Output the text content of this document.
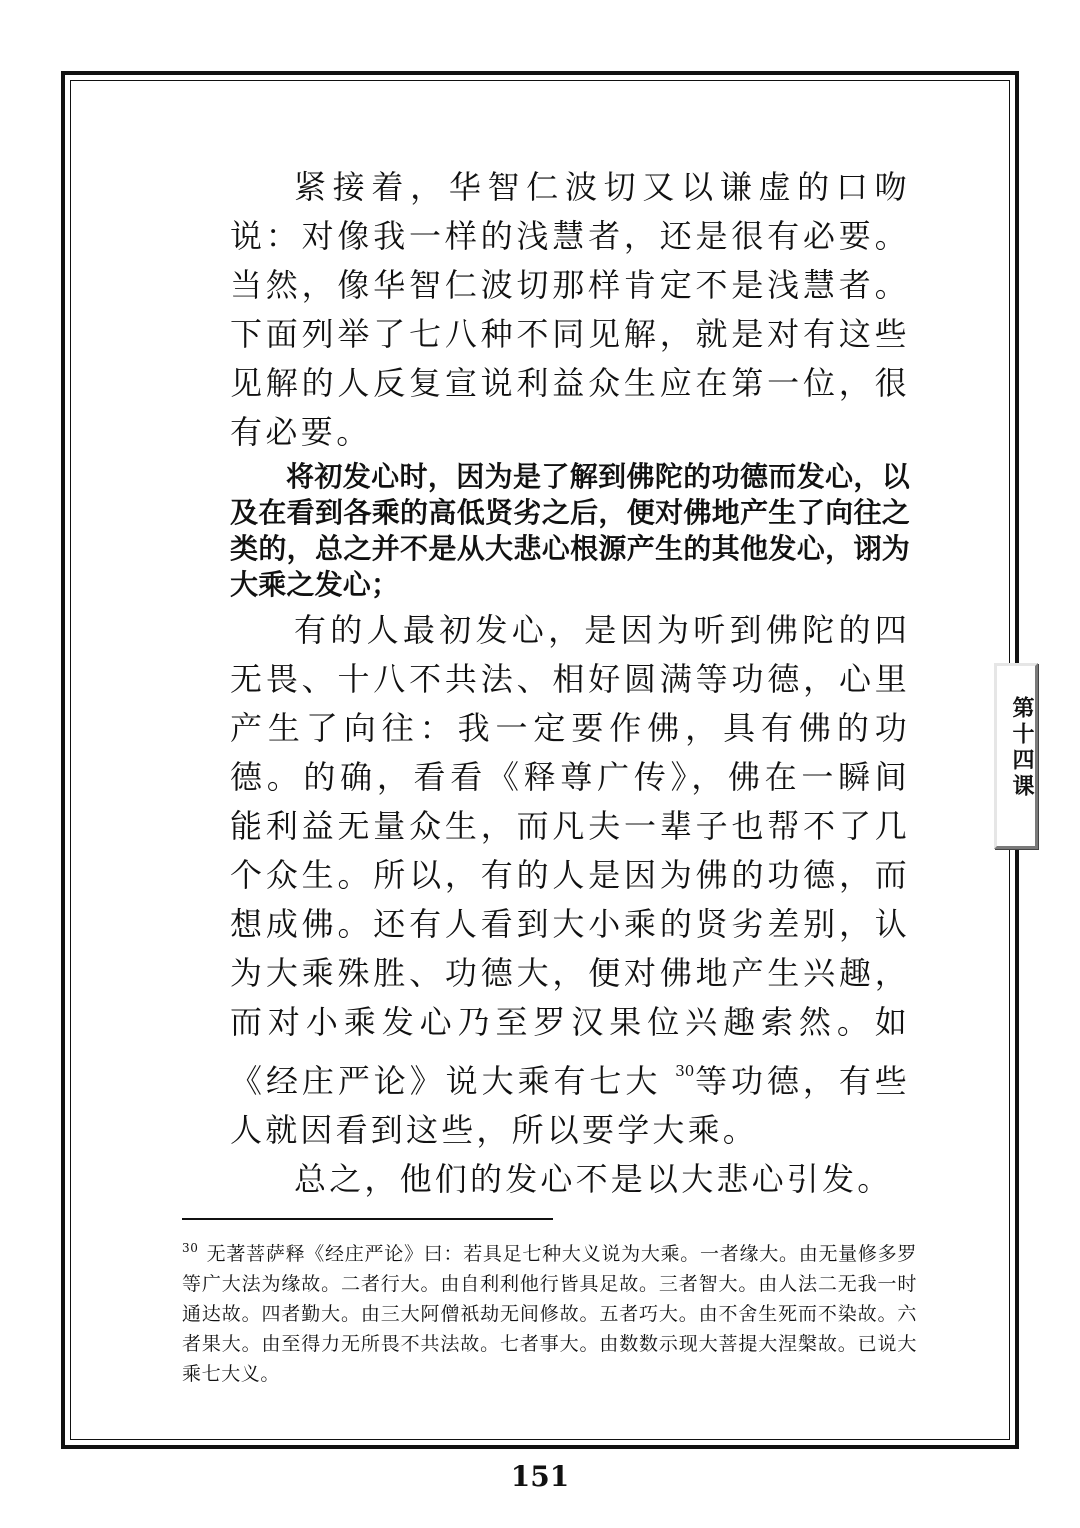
紧接着，华智仁波切又以谦虚的口吻说：对像我一样的浅慧者，还是很有必要。当然，像华智仁波切那样肯定不是浅慧者。下面列举了七八种不同见解，就是对有这些见解的人反复宣说利益众生应在第一位，很有必要。

将初发心时，因为是了解到佛陀的功德而发心，以及在看到各乘的高低贤劣之后，便对佛地产生了向往之类的，总之并不是从大悲心根源产生的其他发心，诩为大乘之发心；

有的人最初发心，是因为听到佛陀的四无畏、十八不共法、相好圆满等功德，心里产生了向往：我一定要作佛，具有佛的功德。的确，看看《释尊广传》，佛在一瞬间能利益无量众生，而凡夫一辈子也帮不了几个众生。所以，有的人是因为佛的功德，而想成佛。还有人看到大小乘的贤劣差别，认为大乘殊胜、功德大，便对佛地产生兴趣，而对小乘发心乃至罗汉果位兴趣索然。如《经庄严论》说大乘有七大 $^{30}$等功德，有些人就因看到这些，所以要学大乘。

总之，他们的发心不是以大悲心引发。

$^{30}$ 无著菩萨释《经庄严论》曰：若具足七种大义说为大乘。一者缘大。由无量修多罗等广大法为缘故。二者行大。由自利利他行皆具足故。三者智大。由人法二无我一时通达故。四者勤大。由三大阿僧祇劫无间修故。五者巧大。由不舍生死而不染故。六者果大。由至得力无所畏不共法故。七者事大。由数数示现大菩提大涅槃故。已说大乘七大义。

第十四课
151
